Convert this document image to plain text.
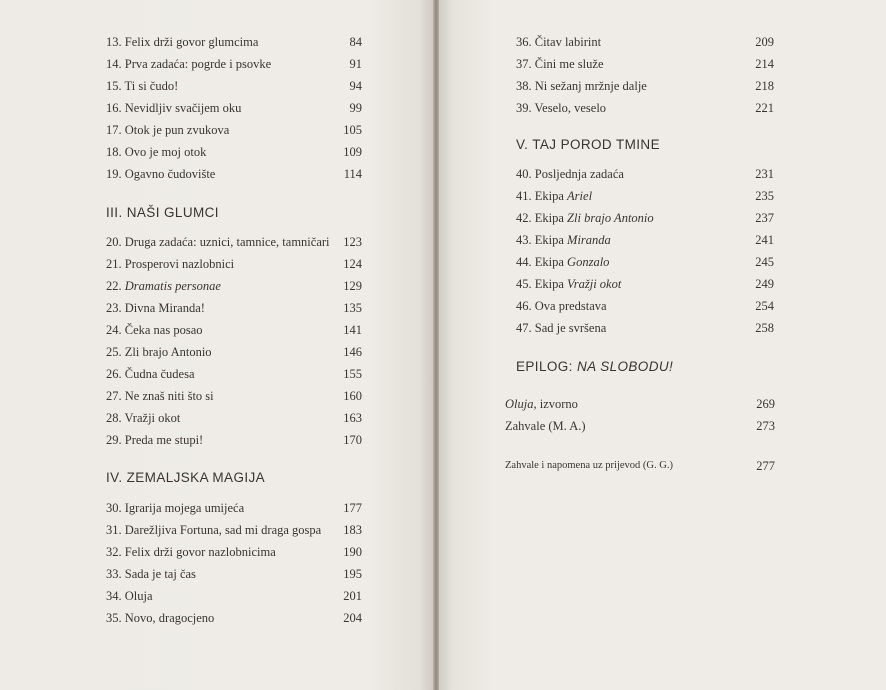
13. Felix drži govor glumcima	84
14. Prva zadaća: pogrde i psovke	91
15. Ti si čudo!	94
16. Nevidljiv svačijem oku	99
17. Otok je pun zvukova	105
18. Ovo je moj otok	109
19. Ogavno čudovište	114
III. NAŠI GLUMCI
20. Druga zadaća: uznici, tamnice, tamničari 123
21. Prosperovi nazlobnici	124
22. Dramatis personae	129
23. Divna Miranda!	135
24. Čeka nas posao	141
25. Zli brajo Antonio	146
26. Čudna čudesa	155
27. Ne znaš niti što si	160
28. Vražji okot	163
29. Preda me stupi!	170
IV. ZEMALJSKA MAGIJA
30. Igrarija mojega umijeća	177
31. Darežljiva Fortuna, sad mi draga gospa 183
32. Felix drži govor nazlobnicima	190
33. Sada je taj čas	195
34. Oluja	201
35. Novo, dragocjeno	204
36. Čitav labirint	209
37. Čini me služe	214
38. Ni sežanj mržnje dalje	218
39. Veselo, veselo	221
V. TAJ POROD TMINE
40. Posljednja zadaća	231
41. Ekipa Ariel	235
42. Ekipa Zli brajo Antonio	237
43. Ekipa Miranda	241
44. Ekipa Gonzalo	245
45. Ekipa Vražji okot	249
46. Ova predstava	254
47. Sad je svršena	258
EPILOG: NA SLOBODU!
Oluja, izvorno	269
Zahvale (M. A.)	273
Zahvale i napomena uz prijevod (G. G.)	277
